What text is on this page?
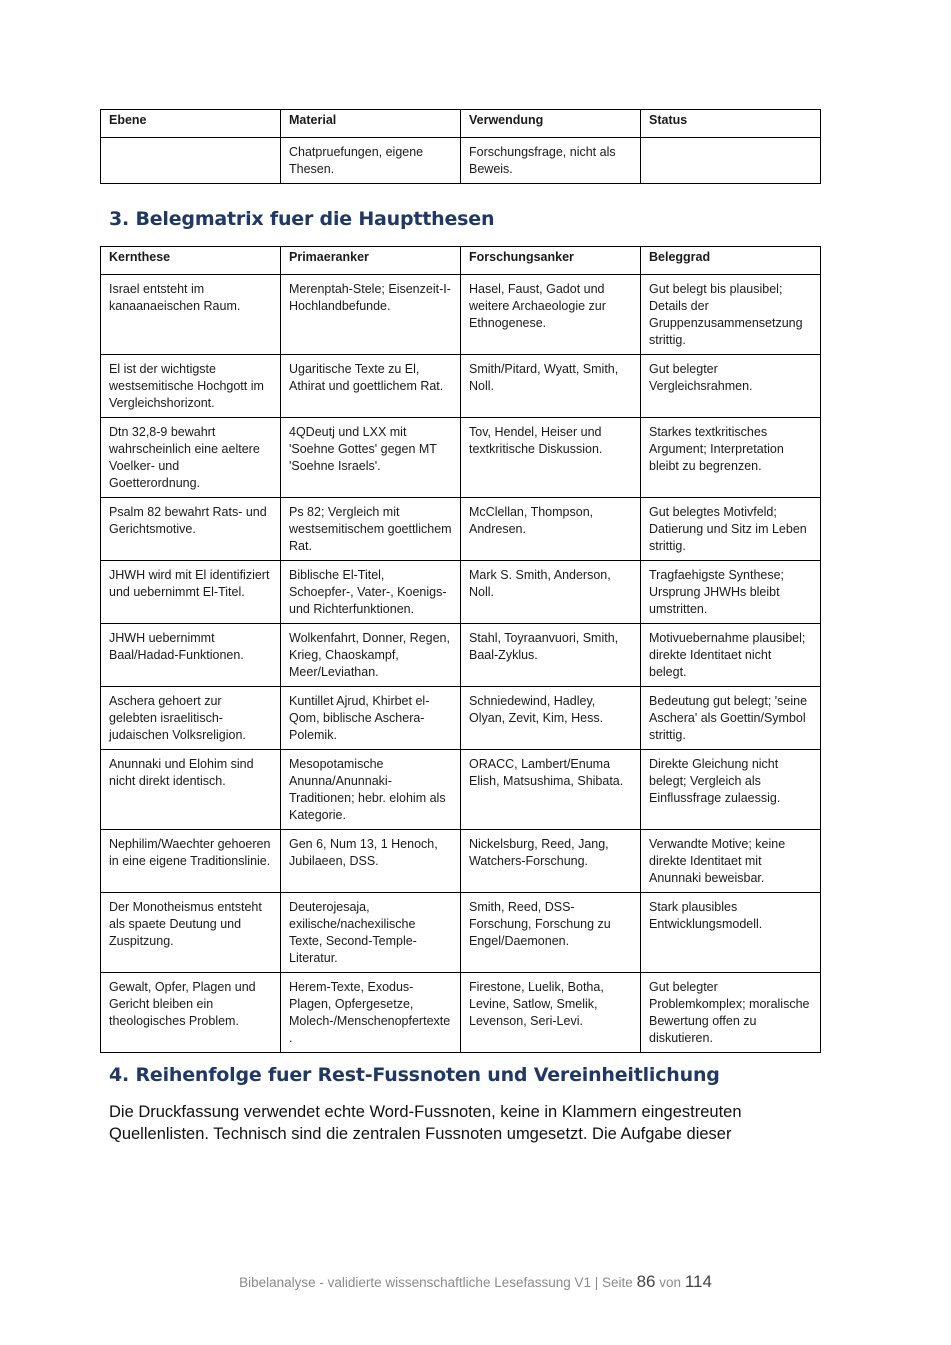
Ebene	Material	Verwendung	Status
	Chatpruefungen, eigene Thesen.	Forschungsfrage, nicht als Beweis.	
3. Belegmatrix fuer die Hauptthesen
Kernthese	Primaeranker	Forschungsanker	Beleggrad
Israel entsteht im kanaanaeischen Raum.	Merenptah-Stele; Eisenzeit-I-Hochlandbefunde.	Hasel, Faust, Gadot und weitere Archaeologie zur Ethnogenese.	Gut belegt bis plausibel; Details der Gruppenzusammensetzung strittig.
El ist der wichtigste westsemitische Hochgott im Vergleichshorizont.	Ugaritische Texte zu El, Athirat und goettlichem Rat.	Smith/Pitard, Wyatt, Smith, Noll.	Gut belegter Vergleichsrahmen.
Dtn 32,8-9 bewahrt wahrscheinlich eine aeltere Voelker- und Goetterordnung.	4QDeutj und LXX mit 'Soehne Gottes' gegen MT 'Soehne Israels'.	Tov, Hendel, Heiser und textkritische Diskussion.	Starkes textkritisches Argument; Interpretation bleibt zu begrenzen.
Psalm 82 bewahrt Rats- und Gerichtsmotive.	Ps 82; Vergleich mit westsemitischem goettlichem Rat.	McClellan, Thompson, Andresen.	Gut belegtes Motivfeld; Datierung und Sitz im Leben strittig.
JHWH wird mit El identifiziert und uebernimmt El-Titel.	Biblische El-Titel, Schoepfer-, Vater-, Koenigs- und Richterfunktionen.	Mark S. Smith, Anderson, Noll.	Tragfaehigste Synthese; Ursprung JHWHs bleibt umstritten.
JHWH uebernimmt Baal/Hadad-Funktionen.	Wolkenfahrt, Donner, Regen, Krieg, Chaoskampf, Meer/Leviathan.	Stahl, Toyraanvuori, Smith, Baal-Zyklus.	Motivuebernahme plausibel; direkte Identitaet nicht belegt.
Aschera gehoert zur gelebten israelitisch-judaischen Volksreligion.	Kuntillet Ajrud, Khirbet el-Qom, biblische Aschera-Polemik.	Schniedewind, Hadley, Olyan, Zevit, Kim, Hess.	Bedeutung gut belegt; 'seine Aschera' als Goettin/Symbol strittig.
Anunnaki und Elohim sind nicht direkt identisch.	Mesopotamische Anunna/Anunnaki-Traditionen; hebr. elohim als Kategorie.	ORACC, Lambert/Enuma Elish, Matsushima, Shibata.	Direkte Gleichung nicht belegt; Vergleich als Einflussfrage zulaessig.
Nephilim/Waechter gehoeren in eine eigene Traditionslinie.	Gen 6, Num 13, 1 Henoch, Jubilaeen, DSS.	Nickelsburg, Reed, Jang, Watchers-Forschung.	Verwandte Motive; keine direkte Identitaet mit Anunnaki beweisbar.
Der Monotheismus entsteht als spaete Deutung und Zuspitzung.	Deuterojesaja, exilische/nachexilische Texte, Second-Temple-Literatur.	Smith, Reed, DSS-Forschung, Forschung zu Engel/Daemonen.	Stark plausibles Entwicklungsmodell.
Gewalt, Opfer, Plagen und Gericht bleiben ein theologisches Problem.	Herem-Texte, Exodus-Plagen, Opfergesetze, Molech-/Menschenopfertexte.	Firestone, Luelik, Botha, Levine, Satlow, Smelik, Levenson, Seri-Levi.	Gut belegter Problemkomplex; moralische Bewertung offen zu diskutieren.
4. Reihenfolge fuer Rest-Fussnoten und Vereinheitlichung

Die Druckfassung verwendet echte Word-Fussnoten, keine in Klammern eingestreuten Quellenlisten. Technisch sind die zentralen Fussnoten umgesetzt. Die Aufgabe dieser

Bibelanalyse - validierte wissenschaftliche Lesefassung V1 | Seite 86 von 114
